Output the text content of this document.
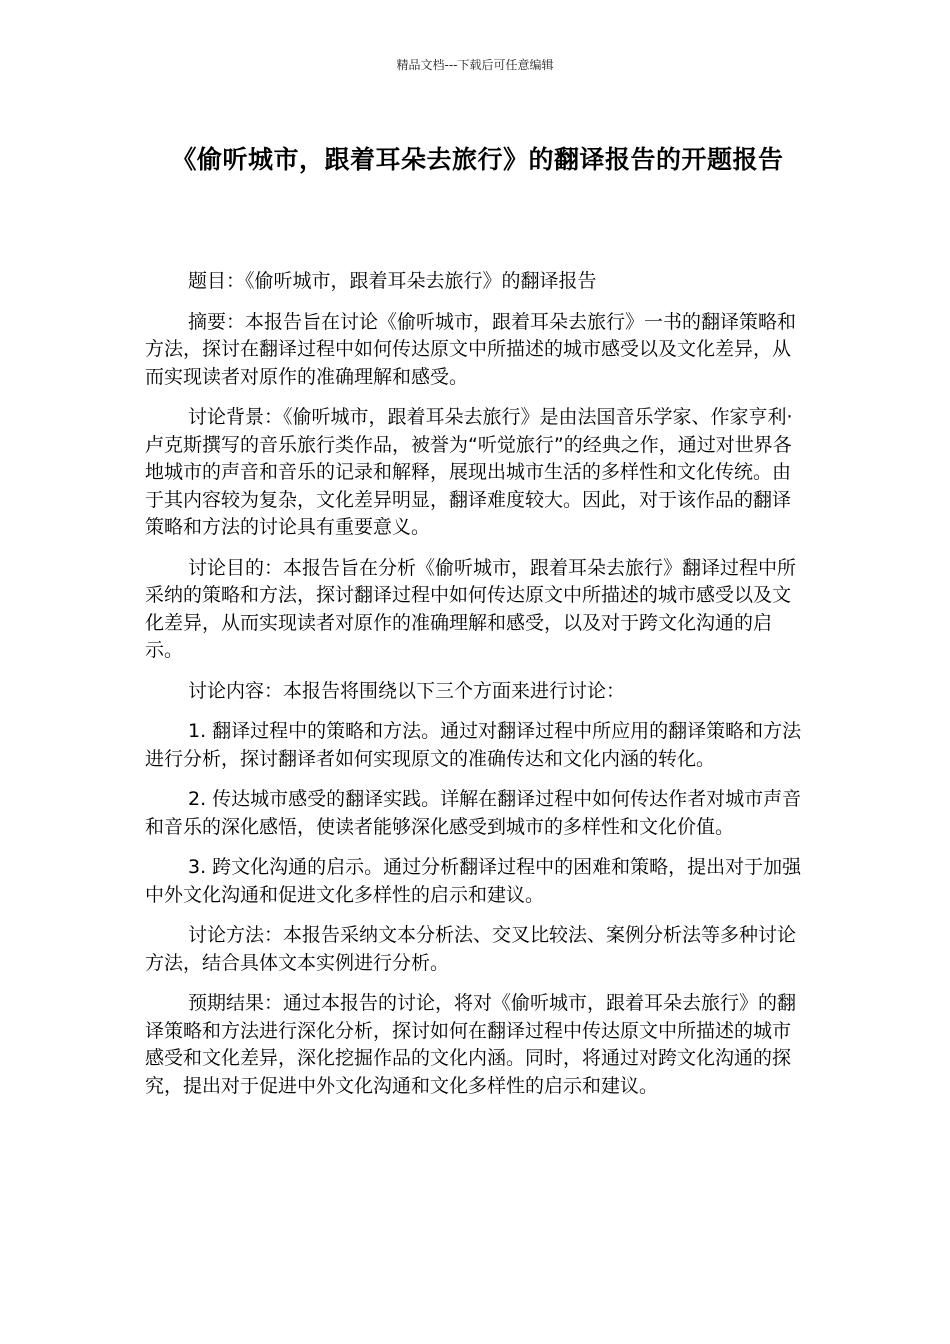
精品文档---下载后可任意编辑
《偷听城市，跟着耳朵去旅行》的翻译报告的开题报告

题目：《偷听城市，跟着耳朵去旅行》的翻译报告

摘要：本报告旨在讨论《偷听城市，跟着耳朵去旅行》一书的翻译策略和方法，探讨在翻译过程中如何传达原文中所描述的城市感受以及文化差异，从而实现读者对原作的准确理解和感受。

讨论背景：《偷听城市，跟着耳朵去旅行》是由法国音乐学家、作家亨利·卢克斯撰写的音乐旅行类作品，被誉为“听觉旅行”的经典之作，通过对世界各地城市的声音和音乐的记录和解释，展现出城市生活的多样性和文化传统。由于其内容较为复杂，文化差异明显，翻译难度较大。因此，对于该作品的翻译策略和方法的讨论具有重要意义。

讨论目的：本报告旨在分析《偷听城市，跟着耳朵去旅行》翻译过程中所采纳的策略和方法，探讨翻译过程中如何传达原文中所描述的城市感受以及文化差异，从而实现读者对原作的准确理解和感受，以及对于跨文化沟通的启示。

讨论内容：本报告将围绕以下三个方面来进行讨论：

1. 翻译过程中的策略和方法。通过对翻译过程中所应用的翻译策略和方法进行分析，探讨翻译者如何实现原文的准确传达和文化内涵的转化。

2. 传达城市感受的翻译实践。详解在翻译过程中如何传达作者对城市声音和音乐的深化感悟，使读者能够深化感受到城市的多样性和文化价值。

3. 跨文化沟通的启示。通过分析翻译过程中的困难和策略，提出对于加强中外文化沟通和促进文化多样性的启示和建议。

讨论方法：本报告采纳文本分析法、交叉比较法、案例分析法等多种讨论方法，结合具体文本实例进行分析。

预期结果：通过本报告的讨论，将对《偷听城市，跟着耳朵去旅行》的翻译策略和方法进行深化分析，探讨如何在翻译过程中传达原文中所描述的城市感受和文化差异，深化挖掘作品的文化内涵。同时，将通过对跨文化沟通的探究，提出对于促进中外文化沟通和文化多样性的启示和建议。
